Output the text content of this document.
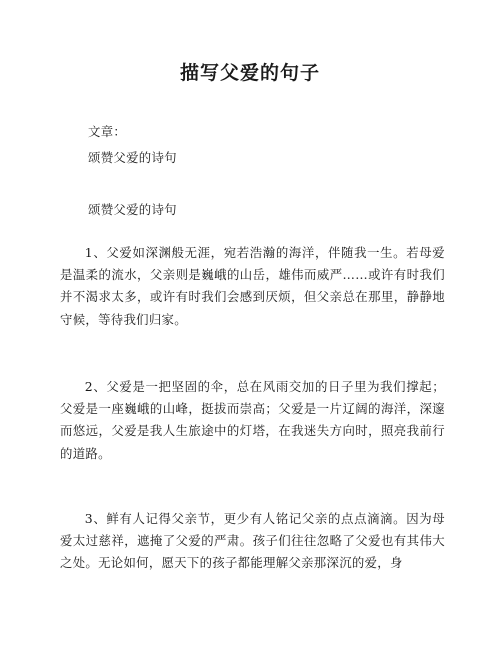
描写父爱的句子
文章：
颂赞父爱的诗句
颂赞父爱的诗句
1、父爱如深渊般无涯，宛若浩瀚的海洋，伴随我一生。若母爱是温柔的流水，父亲则是巍峨的山岳，雄伟而威严……或许有时我们并不渴求太多，或许有时我们会感到厌烦，但父亲总在那里，静静地守候，等待我们归家。
2、父爱是一把坚固的伞，总在风雨交加的日子里为我们撑起；父爱是一座巍峨的山峰，挺拔而崇高；父爱是一片辽阔的海洋，深邃而悠远，父爱是我人生旅途中的灯塔，在我迷失方向时，照亮我前行的道路。
3、鲜有人记得父亲节，更少有人铭记父亲的点点滴滴。因为母爱太过慈祥，遮掩了父爱的严肃。孩子们往往忽略了父爱也有其伟大之处。无论如何，愿天下的孩子都能理解父亲那深沉的爱，身
